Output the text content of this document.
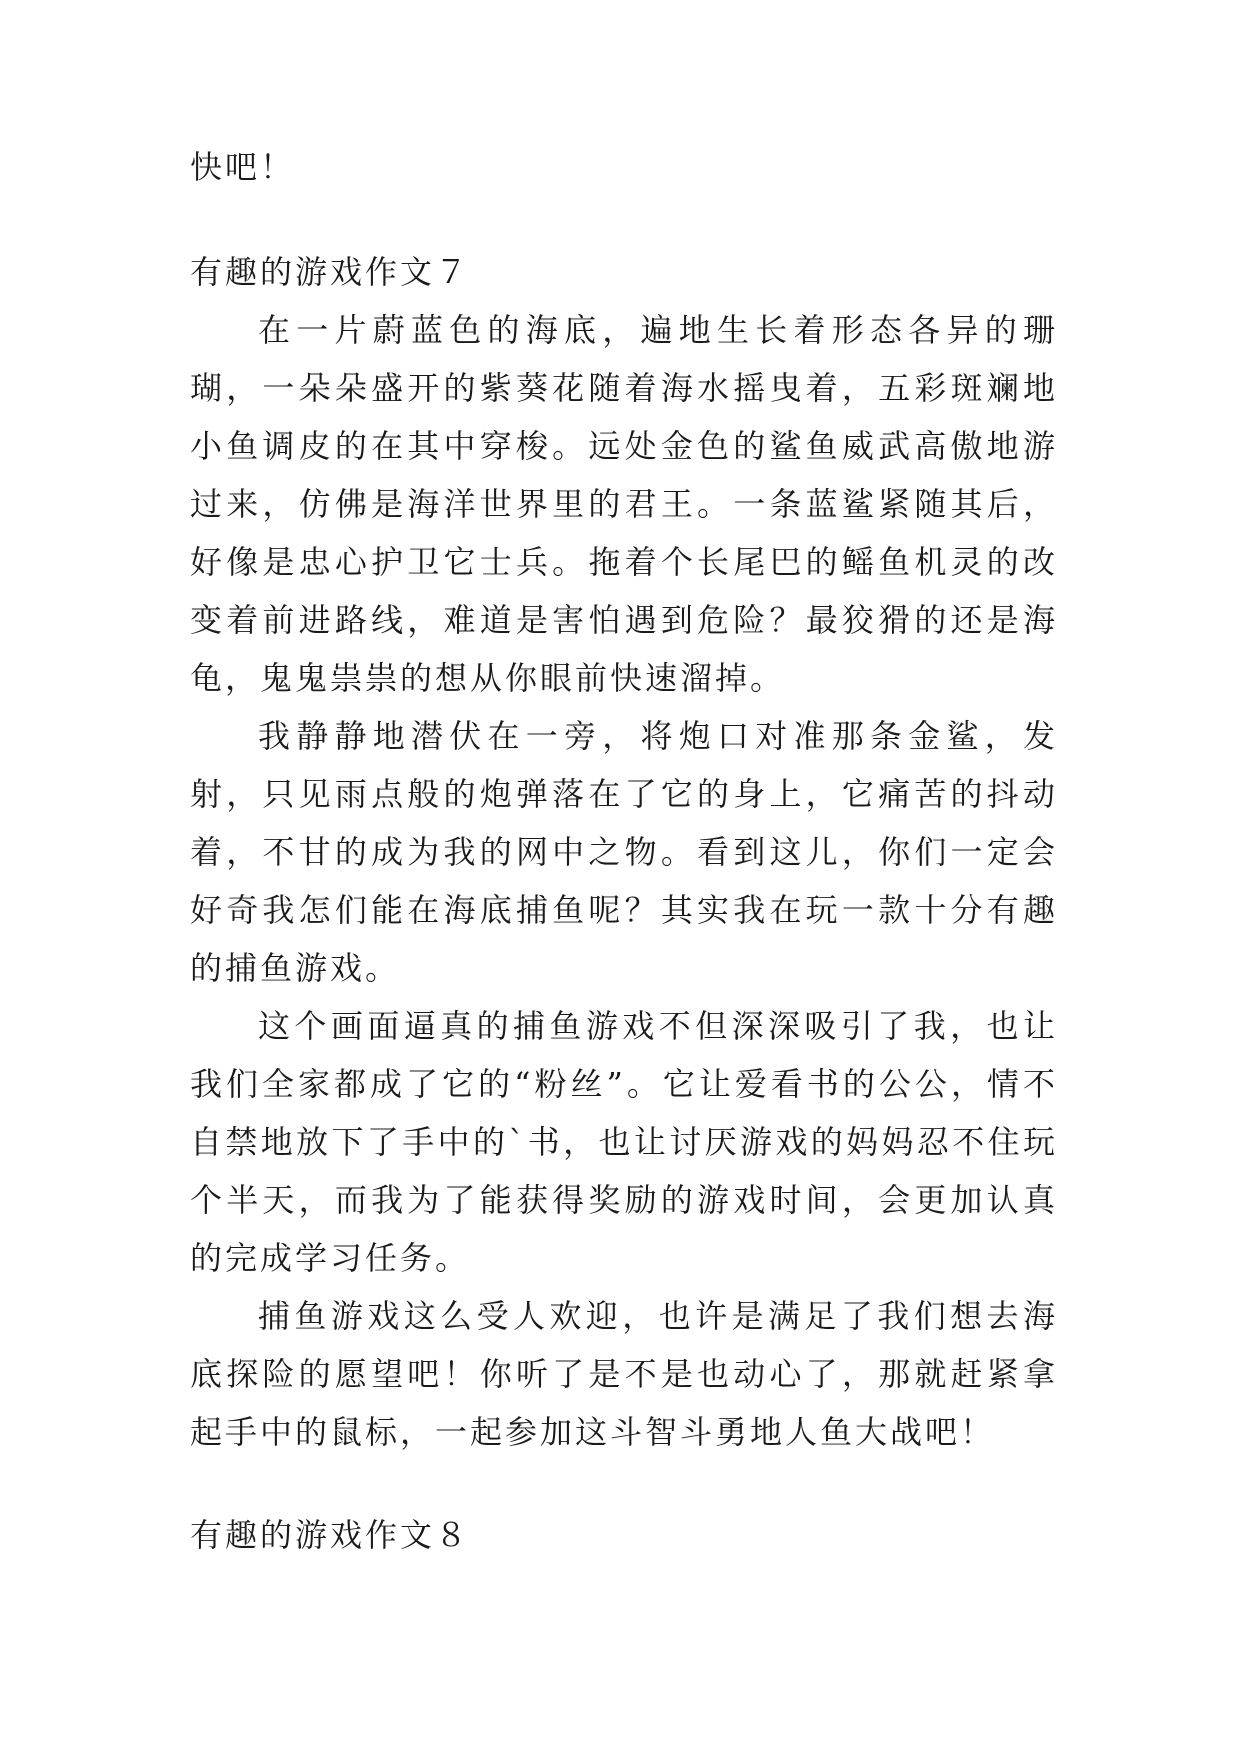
快吧！

有趣的游戏作文７

在一片蔚蓝色的海底，遍地生长着形态各异的珊瑚，一朵朵盛开的紫葵花随着海水摇曳着，五彩斑斓地小鱼调皮的在其中穿梭。远处金色的鲨鱼威武高傲地游过来，仿佛是海洋世界里的君王。一条蓝鲨紧随其后，好像是忠心护卫它士兵。拖着个长尾巴的鳐鱼机灵的改变着前进路线，难道是害怕遇到危险？最狡猾的还是海龟，鬼鬼祟祟的想从你眼前快速溜掉。

我静静地潜伏在一旁，将炮口对准那条金鲨，发射，只见雨点般的炮弹落在了它的身上，它痛苦的抖动着，不甘的成为我的网中之物。看到这儿，你们一定会好奇我怎们能在海底捕鱼呢？其实我在玩一款十分有趣的捕鱼游戏。

这个画面逼真的捕鱼游戏不但深深吸引了我，也让我们全家都成了它的“粉丝”。它让爱看书的公公，情不自禁地放下了手中的`书，也让讨厌游戏的妈妈忍不住玩个半天，而我为了能获得奖励的游戏时间，会更加认真的完成学习任务。

捕鱼游戏这么受人欢迎，也许是满足了我们想去海底探险的愿望吧！你听了是不是也动心了，那就赶紧拿起手中的鼠标，一起参加这斗智斗勇地人鱼大战吧！

有趣的游戏作文８
